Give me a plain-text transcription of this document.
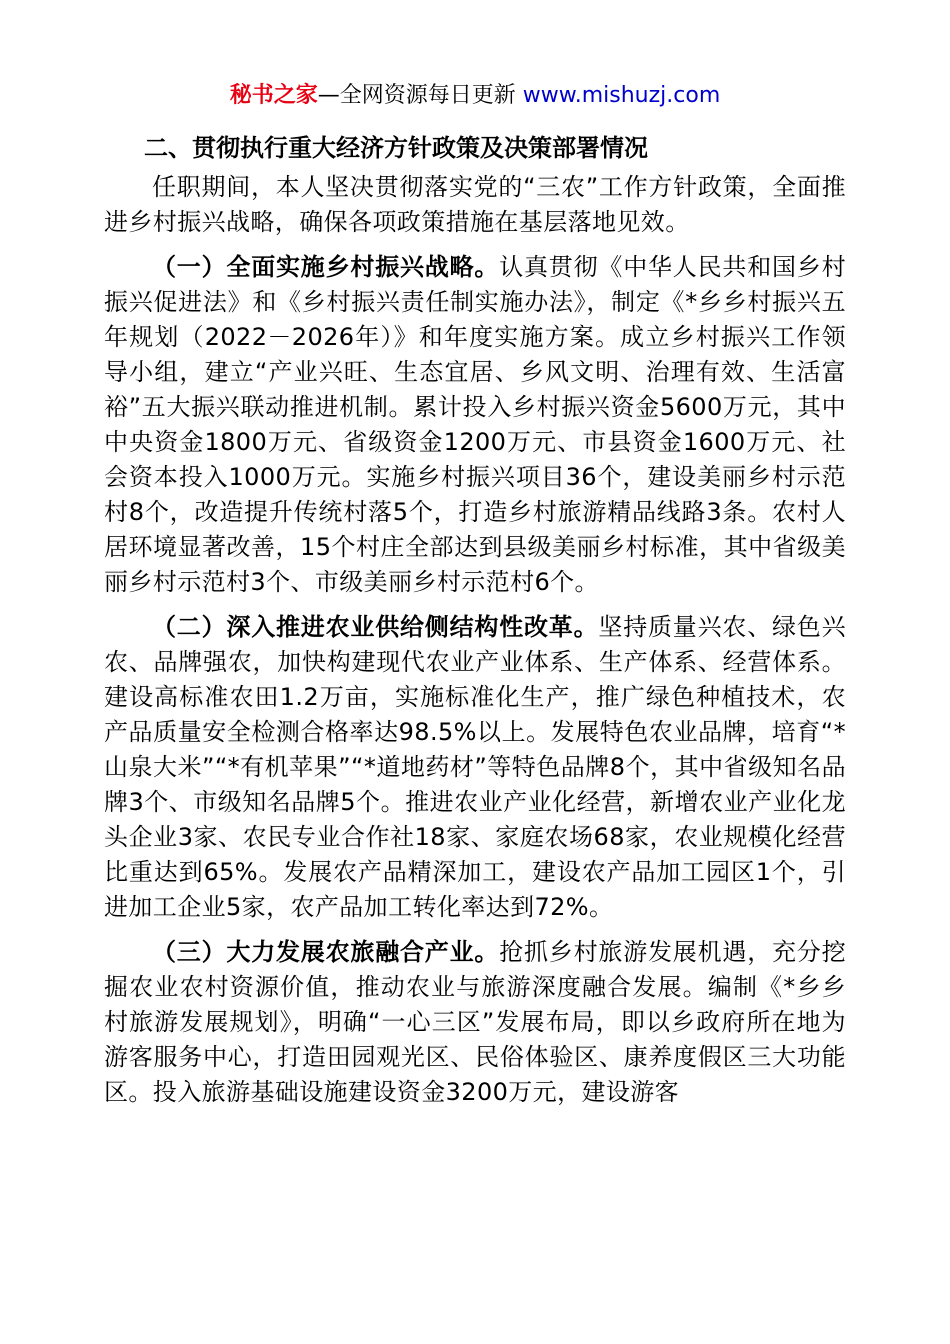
秘书之家—全网资源每日更新 www.mishuzj.com
二、贯彻执行重大经济方针政策及决策部署情况

任职期间，本人坚决贯彻落实党的“三农”工作方针政策，全面推进乡村振兴战略，确保各项政策措施在基层落地见效。

（一）全面实施乡村振兴战略。认真贯彻《中华人民共和国乡村振兴促进法》和《乡村振兴责任制实施办法》，制定《*乡乡村振兴五年规划（2022－2026年）》和年度实施方案。成立乡村振兴工作领导小组，建立“产业兴旺、生态宜居、乡风文明、治理有效、生活富裕”五大振兴联动推进机制。累计投入乡村振兴资金5600万元，其中中央资金1800万元、省级资金1200万元、市县资金1600万元、社会资本投入1000万元。实施乡村振兴项目36个，建设美丽乡村示范村8个，改造提升传统村落5个，打造乡村旅游精品线路3条。农村人居环境显著改善，15个村庄全部达到县级美丽乡村标准，其中省级美丽乡村示范村3个、市级美丽乡村示范村6个。

（二）深入推进农业供给侧结构性改革。坚持质量兴农、绿色兴农、品牌强农，加快构建现代农业产业体系、生产体系、经营体系。建设高标准农田1.2万亩，实施标准化生产，推广绿色种植技术，农产品质量安全检测合格率达98.5%以上。发展特色农业品牌，培育“*山泉大米”“*有机苹果”“*道地药材”等特色品牌8个，其中省级知名品牌3个、市级知名品牌5个。推进农业产业化经营，新增农业产业化龙头企业3家、农民专业合作社18家、家庭农场68家，农业规模化经营比重达到65%。发展农产品精深加工，建设农产品加工园区1个，引进加工企业5家，农产品加工转化率达到72%。

（三）大力发展农旅融合产业。抢抓乡村旅游发展机遇，充分挖掘农业农村资源价值，推动农业与旅游深度融合发展。编制《*乡乡村旅游发展规划》，明确“一心三区”发展布局，即以乡政府所在地为游客服务中心，打造田园观光区、民俗体验区、康养度假区三大功能区。投入旅游基础设施建设资金3200万元，建设游客
